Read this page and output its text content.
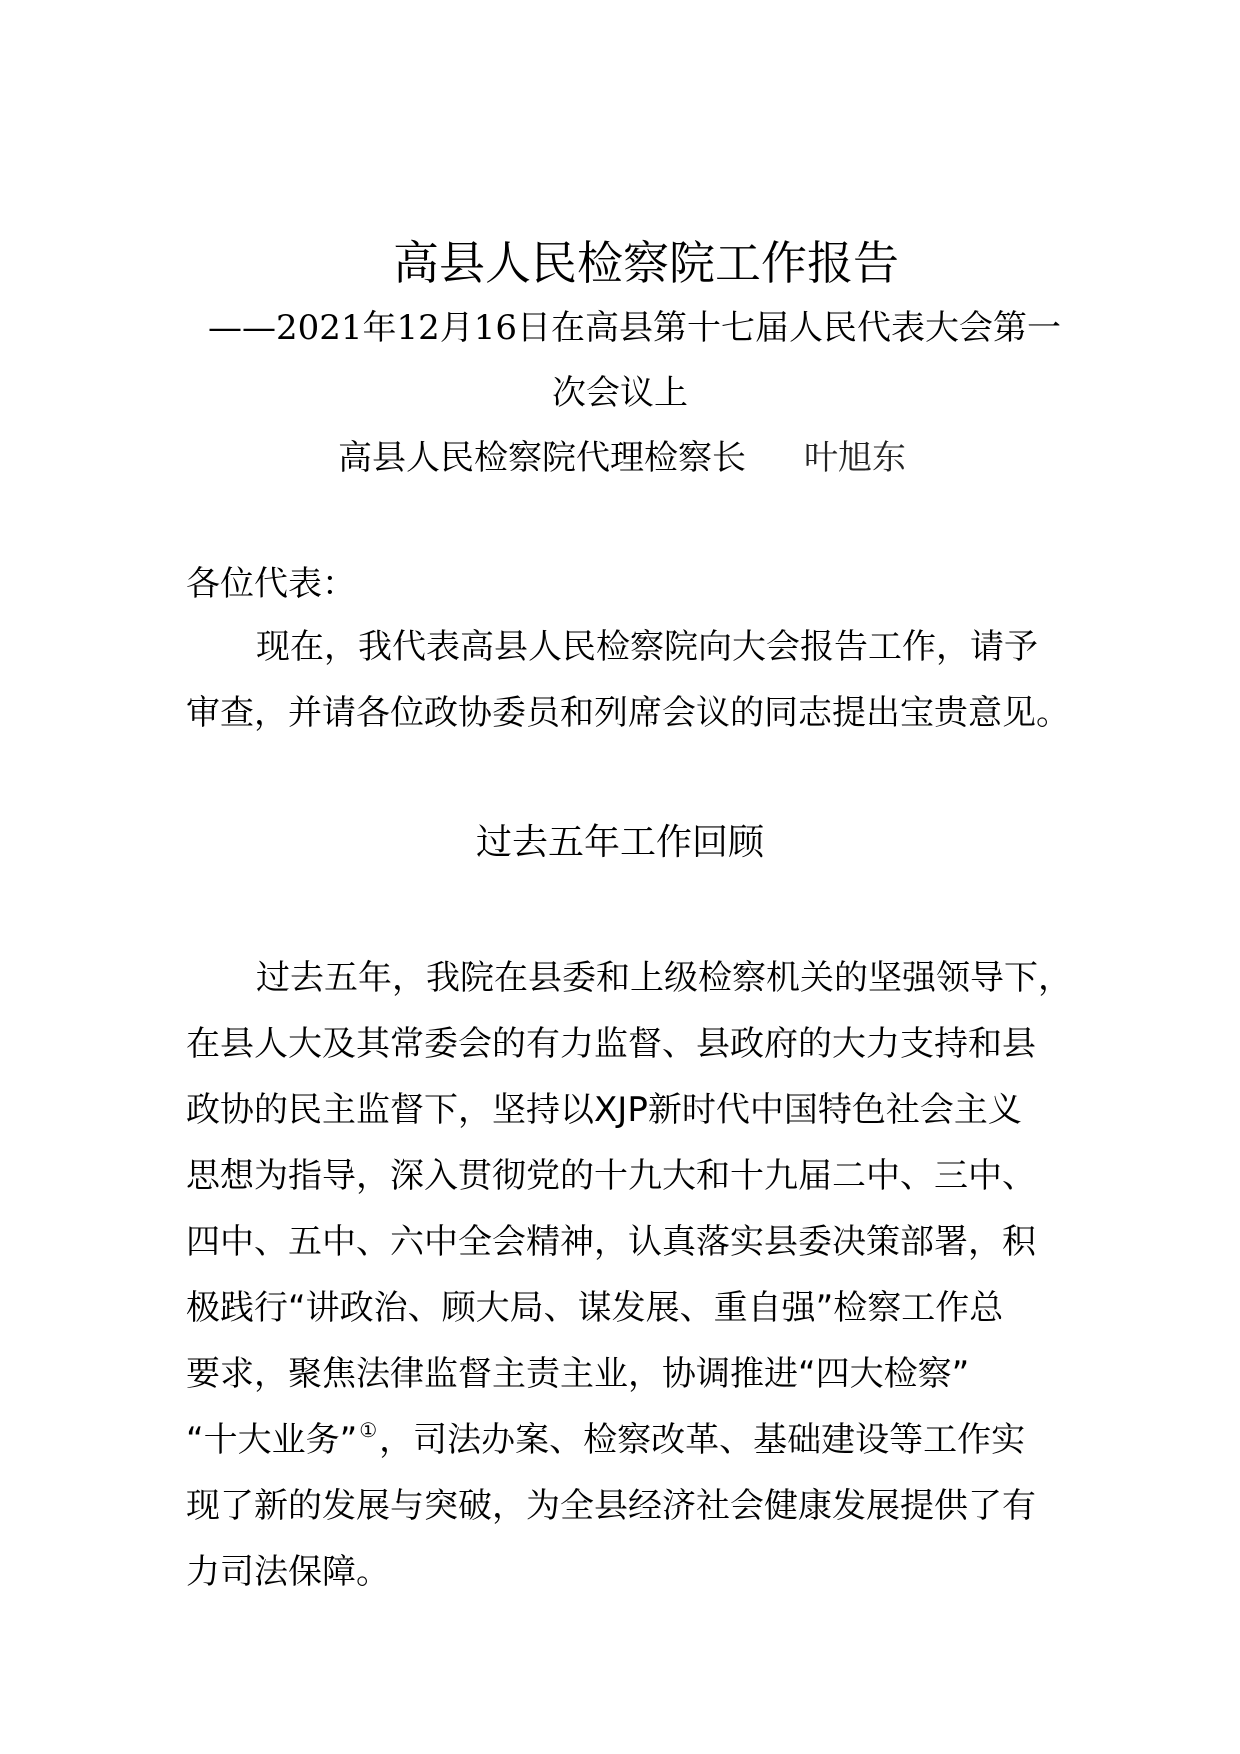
高县人民检察院工作报告
——2021年12月16日在高县第十七届人民代表大会第一
次会议上
高县人民检察院代理检察长 叶旭东
各位代表：
现在，我代表高县人民检察院向大会报告工作，请予
审查，并请各位政协委员和列席会议的同志提出宝贵意见。
过去五年工作回顾
过去五年，我院在县委和上级检察机关的坚强领导下，
在县人大及其常委会的有力监督、县政府的大力支持和县
政协的民主监督下，坚持以XJP新时代中国特色社会主义
思想为指导，深入贯彻党的十九大和十九届二中、三中、
四中、五中、六中全会精神，认真落实县委决策部署，积
极践行“讲政治、顾大局、谋发展、重自强”检察工作总
要求，聚焦法律监督主责主业，协调推进“四大检察”
“十大业务” ①，司法办案、检察改革、基础建设等工作实
现了新的发展与突破，为全县经济社会健康发展提供了有
力司法保障。
